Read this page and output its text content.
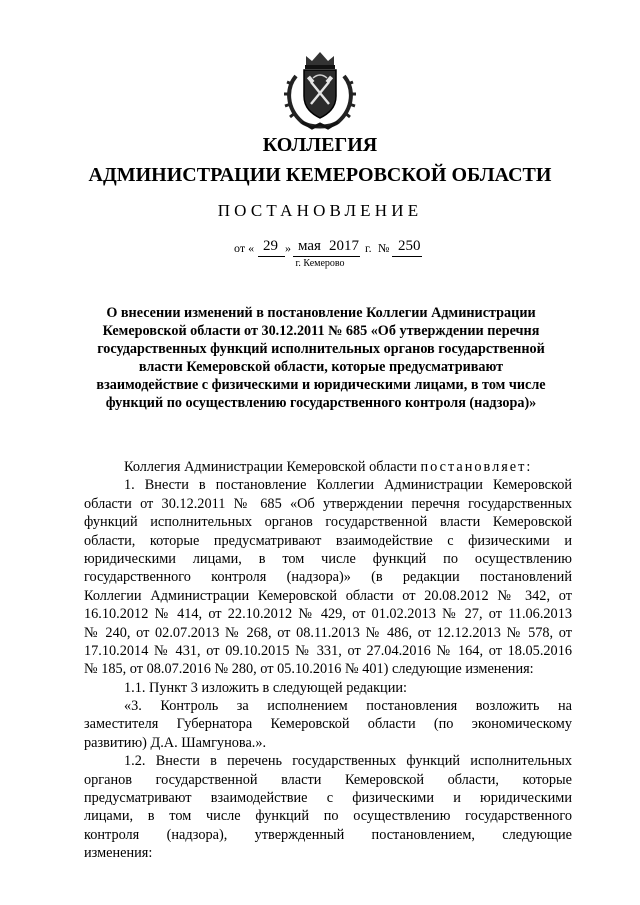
КОЛЛЕГИЯ
АДМИНИСТРАЦИИ КЕМЕРОВСКОЙ ОБЛАСТИ
ПОСТАНОВЛЕНИЕ
от « 29 » мая 2017 г. № 250
г. Кемерово
О внесении изменений в постановление Коллегии Администрации
Кемеровской области от 30.12.2011 № 685 «Об утверждении перечня
государственных функций исполнительных органов государственной
власти Кемеровской области, которые предусматривают
взаимодействие с физическими и юридическими лицами, в том числе
функций по осуществлению государственного контроля (надзора)»
Коллегия Администрации Кемеровской области постановляет:
1. Внести в постановление Коллегии Администрации Кемеровской
области от 30.12.2011 № 685 «Об утверждении перечня государственных
функций исполнительных органов государственной власти Кемеровской
области, которые предусматривают взаимодействие с физическими и
юридическими лицами, в том числе функций по осуществлению
государственного контроля (надзора)» (в редакции постановлений
Коллегии Администрации Кемеровской области от 20.08.2012 № 342, от
16.10.2012 № 414, от 22.10.2012 № 429, от 01.02.2013 № 27, от 11.06.2013
№ 240, от 02.07.2013 № 268, от 08.11.2013 № 486, от 12.12.2013 № 578, от
17.10.2014 № 431, от 09.10.2015 № 331, от 27.04.2016 № 164, от 18.05.2016
№ 185, от 08.07.2016 № 280, от 05.10.2016 № 401) следующие изменения:
1.1. Пункт 3 изложить в следующей редакции:
«3. Контроль за исполнением постановления возложить на
заместителя Губернатора Кемеровской области (по экономическому
развитию) Д.А. Шамгунова.».
1.2. Внести в перечень государственных функций исполнительных
органов государственной власти Кемеровской области, которые
предусматривают взаимодействие с физическими и юридическими
лицами, в том числе функций по осуществлению государственного
контроля (надзора), утвержденный постановлением, следующие
изменения:
